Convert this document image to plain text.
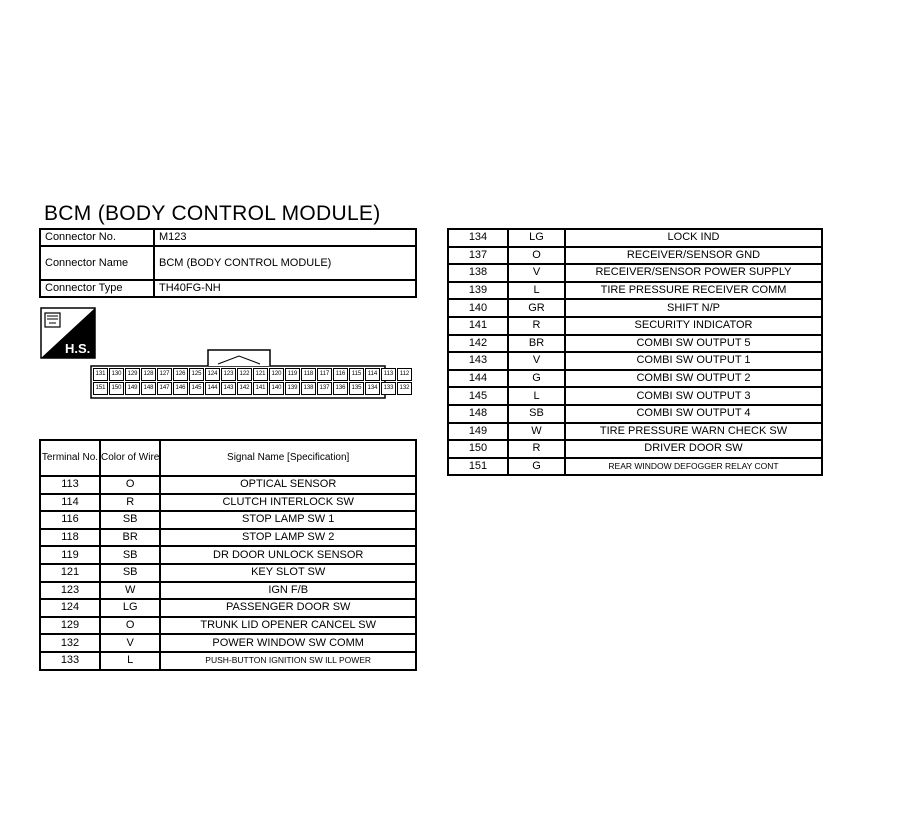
BCM (BODY CONTROL MODULE)
Connector No.	M123
Connector Name	BCM (BODY CONTROL MODULE)
Connector Type	TH40FG-NH
H.S.
131 130 129 128 127 126 125 124 123 122 121 120	119	118	117	116	115	114	113	112
151 150 149 148 147 146 145 144 143 142 141 140 139 138 137 136 135 134 133 132
Terminal No.	Color of Wire	Signal Name [Specification]
113	O	OPTICAL SENSOR
114	R	CLUTCH INTERLOCK SW
116	SB	STOP LAMP SW 1
118	BR	STOP LAMP SW 2
119	SB	DR DOOR UNLOCK SENSOR
121	SB	KEY SLOT SW
123	W	IGN F/B
124	LG	PASSENGER DOOR SW
129	O	TRUNK LID OPENER CANCEL SW
132	V	POWER WINDOW SW COMM
133	L	PUSH-BUTTON IGNITION SW ILL POWER
134	LG	LOCK IND
137	O	RECEIVER/SENSOR GND
138	V	RECEIVER/SENSOR POWER SUPPLY
139	L	TIRE PRESSURE RECEIVER COMM
140	GR	SHIFT N/P
141	R	SECURITY INDICATOR
142	BR	COMBI SW OUTPUT 5
143	V	COMBI SW OUTPUT 1
144	G	COMBI SW OUTPUT 2
145	L	COMBI SW OUTPUT 3
148	SB	COMBI SW OUTPUT 4
149	W	TIRE PRESSURE WARN CHECK SW
150	R	DRIVER DOOR SW
151	G	REAR WINDOW DEFOGGER RELAY CONT
